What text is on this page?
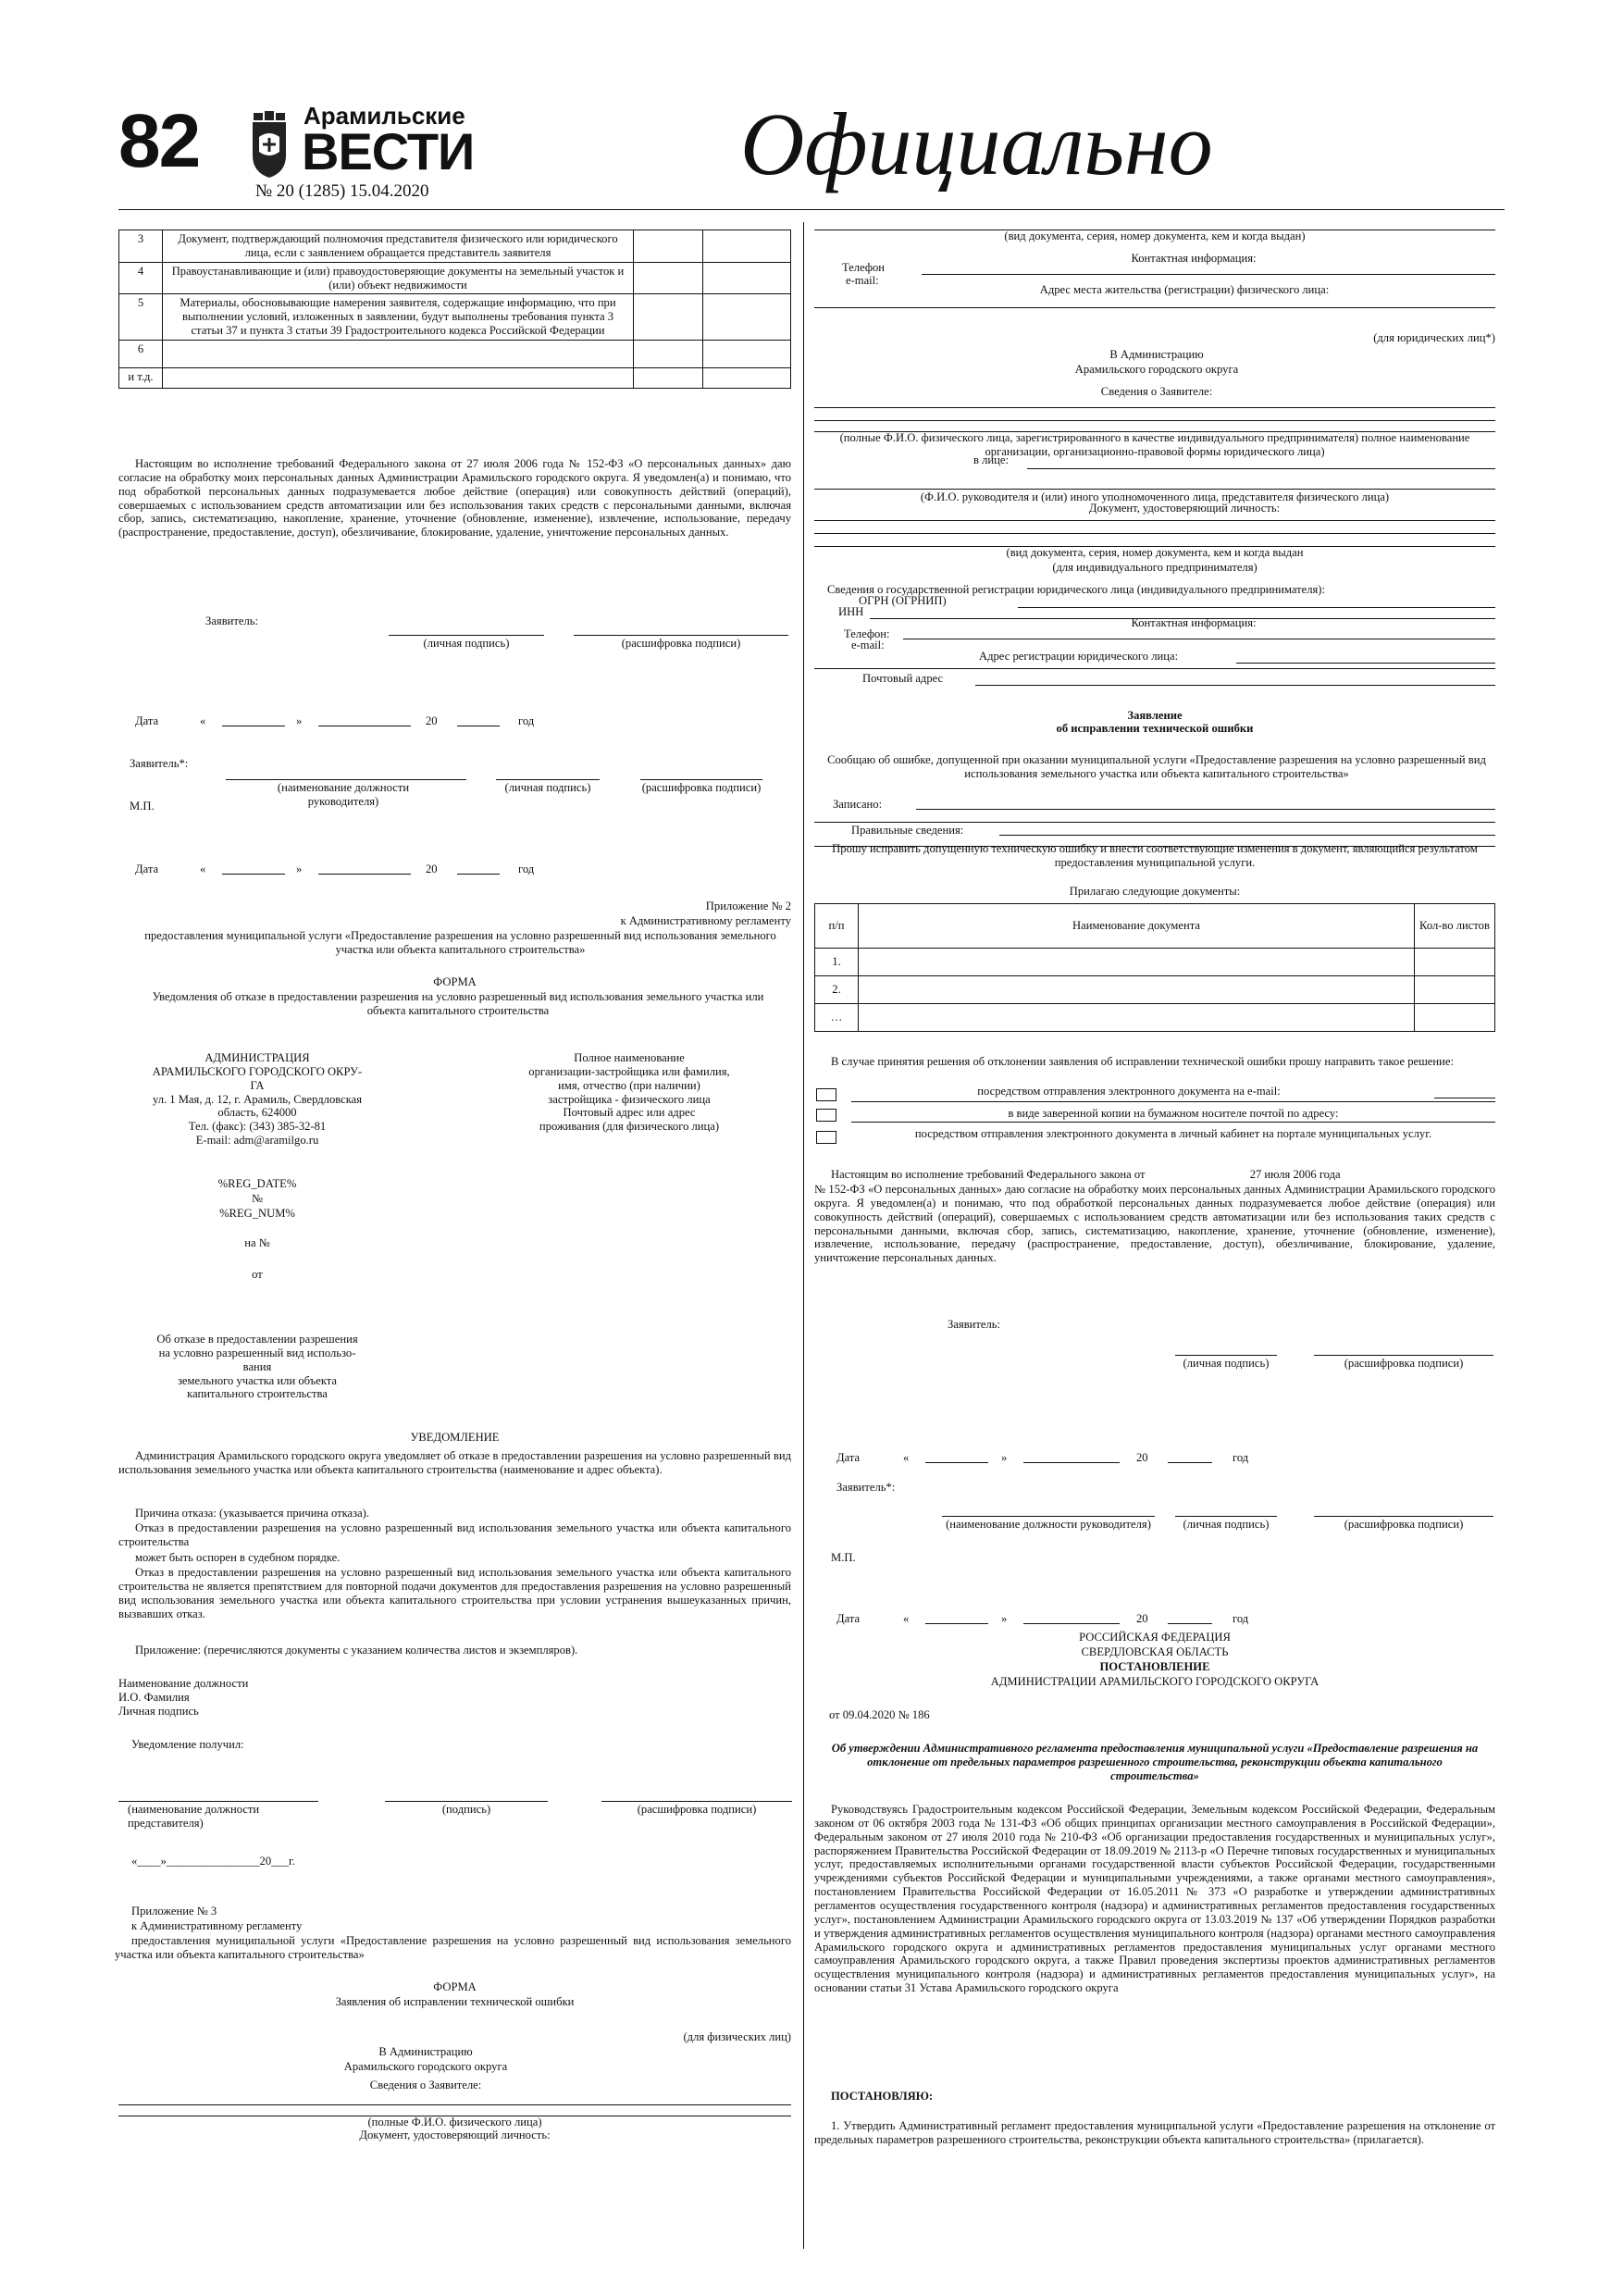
82	Арамильские
ВЕСТИ
№ 20 (1285) 15.04.2020	Официально
3	Документ, подтверждающий полномочия представителя физического или юридического лица, если с заявлением обращается представитель заявителя		
4	Правоустанавливающие и (или) правоудостоверяющие документы на земельный участок и (или) объект недвижимости		
5	Материалы, обосновывающие намерения заявителя, содержащие информацию, что при выполнении условий, изложенных в заявлении, будут выполнены требования пункта 3 статьи 37 и пункта 3 статьи 39 Градостроительного кодекса Российской Федерации		
6			
и т.д.			
Настоящим во исполнение требований Федерального закона от 27 июля 2006 года № 152-ФЗ «О персональных данных» даю согласие на обработку моих персональных данных Администрации Арамильского городского округа. Я уведомлен(а) и понимаю, что под обработкой персональных данных подразумевается любое действие (операция) или совокупность действий (операций), совершаемых с использованием средств автоматизации или без использования таких средств с персональными данными, включая сбор, запись, систематизацию, накопление, хранение, уточнение (обновление, изменение), извлечение, использование, передачу (распространение, предоставление, доступ), обезличивание, блокирование, удаление, уничтожение персональных данных.
Заявитель:
(личная подпись)	(расшифровка подписи)
Дата	«	»	20	год
Заявитель*:
(наименование должности руководителя)
(личная подпись)	(расшифровка подписи)
М.П.
Дата	«	»	20	год
Приложение № 2
к Административному регламенту
предоставления муниципальной услуги «Предоставление разрешения на условно разрешенный вид использования земельного участка или объекта капитального строительства»
ФОРМА
Уведомления об отказе в предоставлении разрешения на условно разрешенный вид использования земельного участка или объекта капитального строительства
АДМИНИСТРАЦИЯ
АРАМИЛЬСКОГО ГОРОДСКОГО ОКРУ-
ГА
ул. 1 Мая, д. 12, г. Арамиль, Свердловская
область, 624000
Тел. (факс): (343) 385-32-81
E-mail: adm@aramilgo.ru
Полное наименование
организации-застройщика или фамилия,
имя, отчество (при наличии)
застройщика - физического лица
Почтовый адрес или адрес
проживания (для физического лица)
%REG_DATE%
№
%REG_NUM%
на №
от
Об отказе в предоставлении разрешения
на условно разрешенный вид использо-
вания
земельного участка или объекта
капитального строительства
УВЕДОМЛЕНИЕ
Администрация Арамильского городского округа уведомляет об отказе в предоставлении разрешения на условно разрешенный вид использования земельного участка или объекта капитального строительства (наименование и адрес объекта).
Причина отказа: (указывается причина отказа).
Отказ в предоставлении разрешения на условно разрешенный вид использования земельного участка или объекта капитального строительства
может быть оспорен в судебном порядке.
Отказ в предоставлении разрешения на условно разрешенный вид использования земельного участка или объекта капитального строительства не является препятствием для повторной подачи документов для предоставления разрешения на условно разрешенный вид использования земельного участка или объекта капитального строительства при условии устранения вышеуказанных причин, вызвавших отказ.
Приложение: (перечисляются документы с указанием количества листов и экземпляров).
Наименование должности
И.О. Фамилия
Личная подпись
Уведомление получил:
(наименование должности представителя)
(подпись)	(расшифровка подписи)
«____»________________20___г.
Приложение № 3
к Административному регламенту
предоставления муниципальной услуги «Предоставление разрешения на условно разрешенный вид использования земельного участка или объекта капитального строительства»
ФОРМА
Заявления об исправлении технической ошибки
(для физических лиц)
В Администрацию
Арамильского городского округа
Сведения о Заявителе:
(полные Ф.И.О. физического лица)
Документ, удостоверяющий личность:
(вид документа, серия, номер документа, кем и когда выдан)
Контактная информация:
Телефон
e-mail:
Адрес места жительства (регистрации) физического лица:
(для юридических лиц*)
В Администрацию
Арамильского городского округа
Сведения о Заявителе:
(полные Ф.И.О. физического лица, зарегистрированного в качестве индивидуального предпринимателя) полное наименование организации, организационно-правовой формы юридического лица)
в лице:
(Ф.И.О. руководителя и (или) иного уполномоченного лица, представителя физического лица)
Документ, удостоверяющий личность:
(вид документа, серия, номер документа, кем и когда выдан
(для индивидуального предпринимателя)
Сведения о государственной регистрации юридического лица (индивидуального предпринимателя):
ОГРН (ОГРНИП)
ИНН
Контактная информация:
Телефон:
e-mail:
Адрес регистрации юридического лица:
Почтовый адрес
Заявление
об исправлении технической ошибки
Сообщаю об ошибке, допущенной при оказании муниципальной услуги «Предоставление разрешения на условно разрешенный вид использования земельного участка или объекта капитального строительства»
Записано:
Правильные сведения:
Прошу исправить допущенную техническую ошибку и внести соответствующие изменения в документ, являющийся результатом предоставления муниципальной услуги.
Прилагаю следующие документы:
п/п	Наименование документа	Кол-во листов
1.		
2.		
…		
В случае принятия решения об отклонении заявления об исправлении технической ошибки прошу направить такое решение:
посредством отправления электронного документа на e-mail:
в виде заверенной копии на бумажном носителе почтой по адресу:
посредством отправления электронного документа в личный кабинет на портале муниципальных услуг.
Настоящим во исполнение требований Федерального закона от	27 июля 2006 года
№ 152-ФЗ «О персональных данных» даю согласие на обработку моих персональных данных Администрации Арамильского городского округа. Я уведомлен(а) и понимаю, что под обработкой персональных данных подразумевается любое действие (операция) или совокупность действий (операций), совершаемых с использованием средств автоматизации или без использования таких средств с персональными данными, включая сбор, запись, систематизацию, накопление, хранение, уточнение (обновление, изменение), извлечение, использование, передачу (распространение, предоставление, доступ), обезличивание, блокирование, удаление, уничтожение персональных данных.
Заявитель:
(личная подпись)	(расшифровка подписи)
Дата	«	»	20	год
Заявитель*:
(наименование должности руководителя)	(личная подпись)	(расшифровка подписи)
М.П.
Дата	«	»	20	год
РОССИЙСКАЯ ФЕДЕРАЦИЯ
СВЕРДЛОВСКАЯ ОБЛАСТЬ
ПОСТАНОВЛЕНИЕ
АДМИНИСТРАЦИИ АРАМИЛЬСКОГО ГОРОДСКОГО ОКРУГА
от 09.04.2020 № 186
Об утверждении Административного регламента предоставления муниципальной услуги «Предоставление разрешения на отклонение от предельных параметров разрешенного строительства, реконструкции объекта капитального строительства»
Руководствуясь Градостроительным кодексом Российской Федерации, Земельным кодексом Российской Федерации, Федеральным законом от 06 октября 2003 года № 131-ФЗ «Об общих принципах организации местного самоуправления в Российской Федерации», Федеральным законом от 27 июля 2010 года № 210-ФЗ «Об организации предоставления государственных и муниципальных услуг», распоряжением Правительства Российской Федерации от 18.09.2019 № 2113-р «О Перечне типовых государственных и муниципальных услуг, предоставляемых исполнительными органами государственной власти субъектов Российской Федерации, государственными учреждениями субъектов Российской Федерации и муниципальными учреждениями, а также органами местного самоуправления», постановлением Правительства Российской Федерации от 16.05.2011 № 373 «О разработке и утверждении административных регламентов осуществления государственного контроля (надзора) и административных регламентов предоставления государственных услуг», постановлением Администрации Арамильского городского округа от 13.03.2019 № 137 «Об утверждении Порядков разработки и утверждения административных регламентов осуществления муниципального контроля (надзора) органами местного самоуправления Арамильского городского округа и административных регламентов предоставления муниципальных услуг органами местного самоуправления Арамильского городского округа, а также Правил проведения экспертизы проектов административных регламентов осуществления муниципального контроля (надзора) и административных регламентов предоставления муниципальных услуг», на основании статьи 31 Устава Арамильского городского округа
ПОСТАНОВЛЯЮ:
1. Утвердить Административный регламент предоставления муниципальной услуги «Предоставление разрешения на отклонение от предельных параметров разрешенного строительства, реконструкции объекта капитального строительства» (прилагается).
